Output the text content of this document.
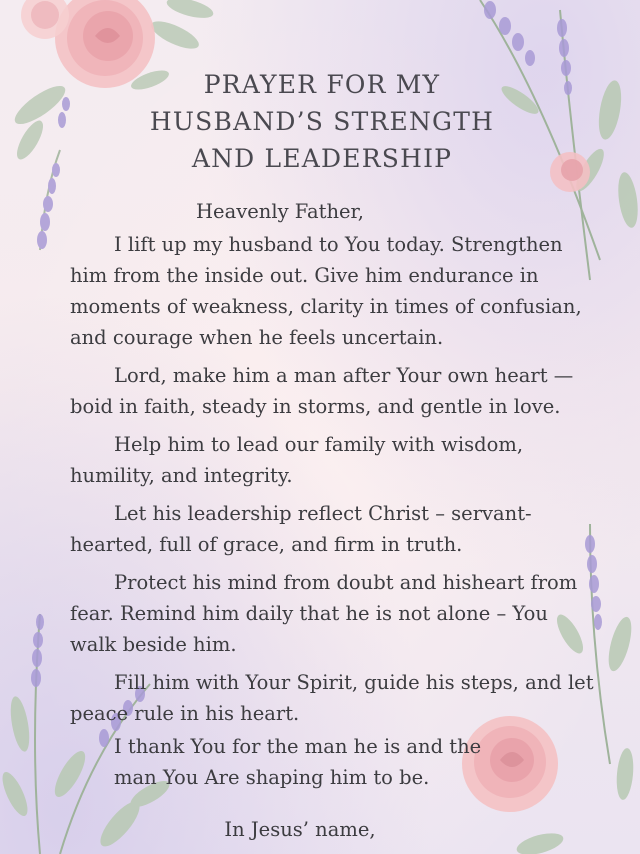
PRAYER FOR MY
HUSBAND’S STRENGTH
AND LEADERSHIP

Heavenly Father,

I lift up my husband to You today. Strengthen him from the inside out. Give him endurance in moments of weakness, clarity in times of confusian, and courage when he feels uncertain.

Lord, make him a man after Your own heart — boid in faith, steady in storms, and gentle in love.

Help him to lead our family with wisdom, humility, and integrity.

Let his leadership reflect Christ – servant-hearted, full of grace, and firm in truth.

Protect his mind from doubt and hisheart from fear. Remind him daily that he is not alone – You walk beside him.

Fill him with Your Spirit, guide his steps, and let peace rule in his heart.

I thank You for the man he is and the man You Are shaping him to be.

In Jesus’ name,
